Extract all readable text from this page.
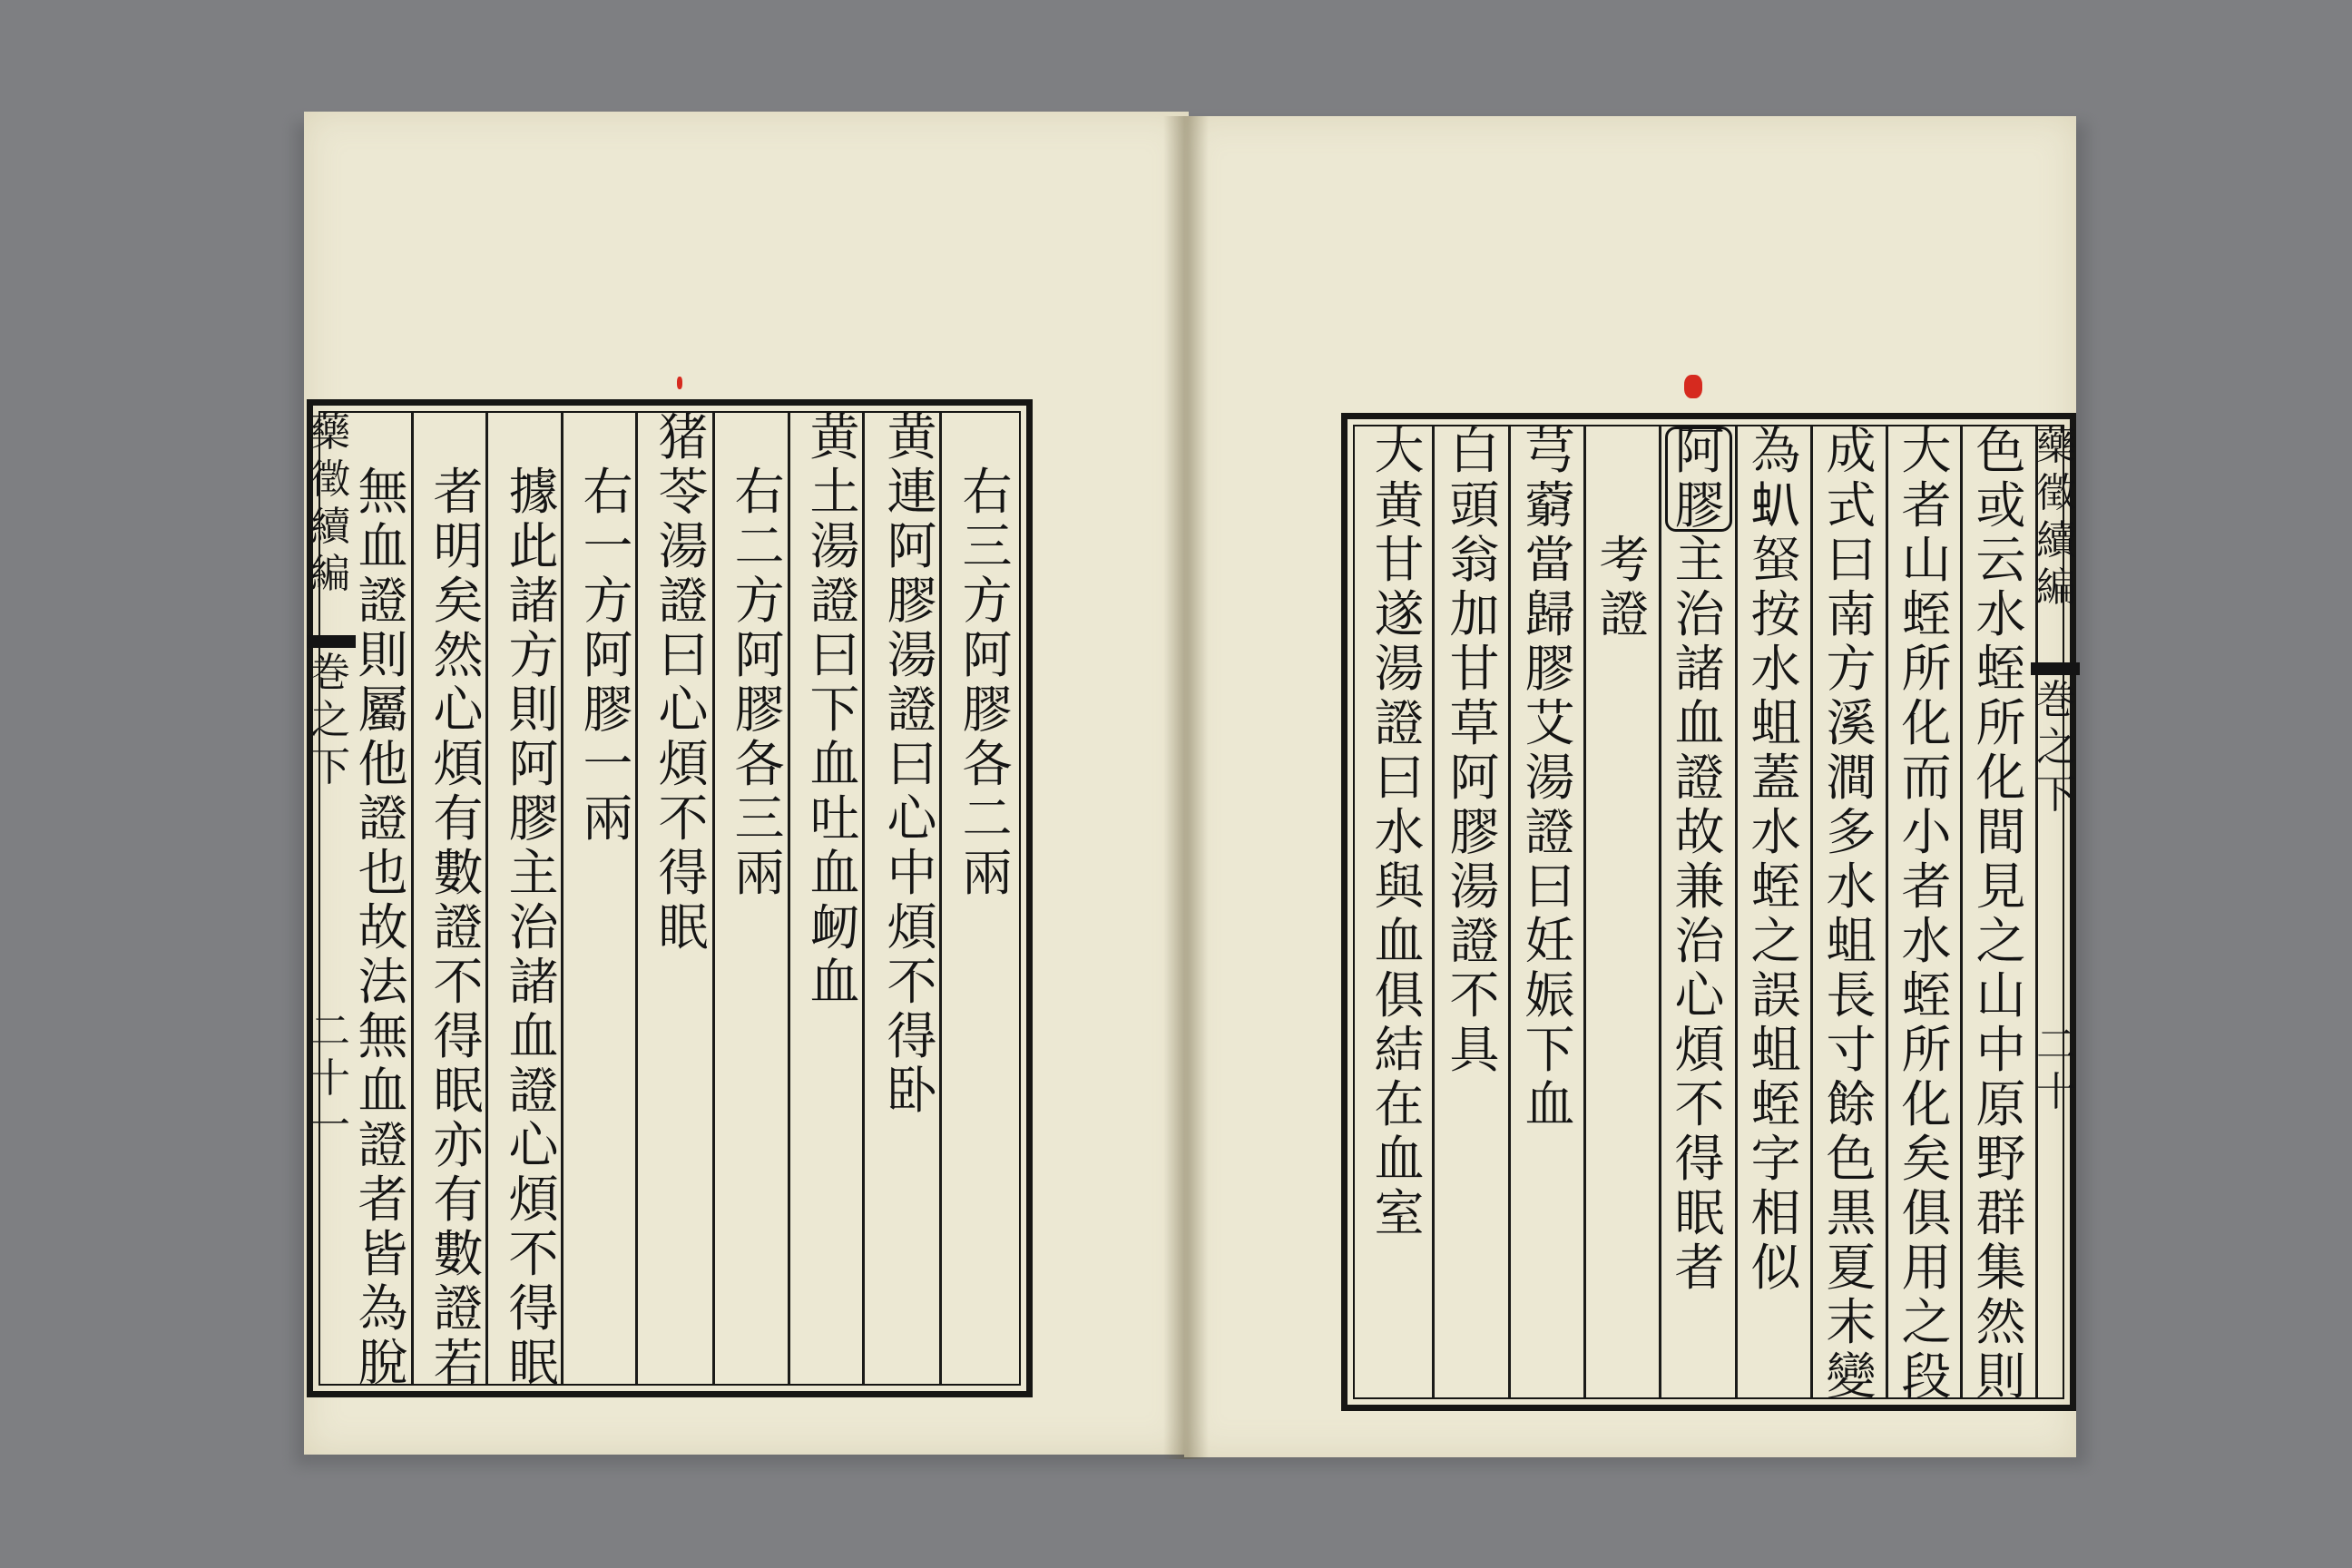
藥
徵
續
編
巻
之
下
二
十
一
右
三
方
阿
膠
各
二
兩
黄
連
阿
膠
湯
證
曰
心
中
煩
不
得
卧
黄
土
湯
證
曰
下
血
吐
血
衂
血
右
二
方
阿
膠
各
三
兩
猪
苓
湯
證
曰
心
煩
不
得
眠
右
一
方
阿
膠
一
兩
據
此
諸
方
則
阿
膠
主
治
諸
血
證
心
煩
不
得
眠
者
明
矣
然
心
煩
有
數
證
不
得
眠
亦
有
數
證
若
無
血
證
則
屬
他
證
也
故
法
無
血
證
者
皆
為
脫
藥
徵
續
編
巻
之
下
二
十
色
或
云
水
蛭
所
化
間
見
之
山
中
原
野
群
集
然
則
大
者
山
蛭
所
化
而
小
者
水
蛭
所
化
矣
俱
用
之
段
成
式
曰
南
方
溪
澗
多
水
蛆
長
寸
餘
色
黒
夏
末
變
為
𧈢
𧉭
按
水
蛆
蓋
水
蛭
之
誤
蛆
蛭
字
相
似
阿
膠
主
治
諸
血
證
故
兼
治
心
煩
不
得
眠
者
考
證
芎
藭
當
歸
膠
艾
湯
證
曰
妊
娠
下
血
白
頭
翁
加
甘
草
阿
膠
湯
證
不
具
大
黄
甘
遂
湯
證
曰
水
與
血
俱
結
在
血
室
